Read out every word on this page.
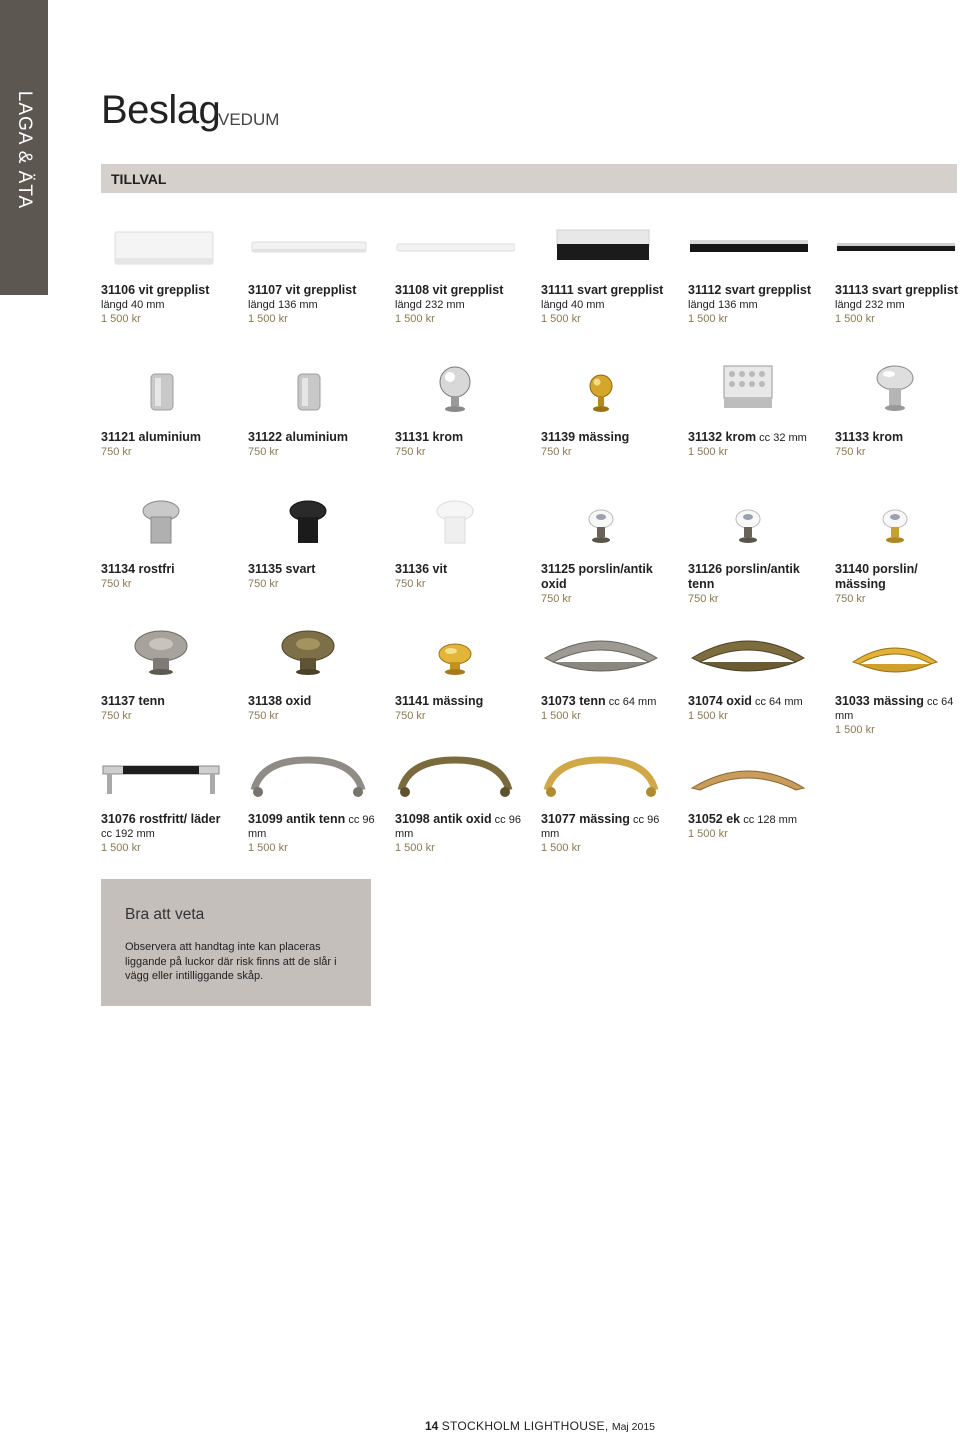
LAGA & ÄTA Beslag
VEDUM
TILLVAL
31106 vit grepplist längd 40 mm
1 500 kr
31107 vit grepplist längd 136 mm
1 500 kr
31108 vit grepplist längd 232 mm
1 500 kr
31111 svart grepplist längd 40 mm
1 500 kr
31112 svart grepplist längd 136 mm
1 500 kr
31113 svart grepplist längd 232 mm
1 500 kr
31121 aluminium
750 kr
31122 aluminium
750 kr
31131 krom
750 kr
31139 mässing
750 kr
31132 krom cc 32 mm
1 500 kr
31133 krom
750 kr
31134 rostfri
750 kr
31135 svart
750 kr
31136 vit
750 kr
31125 porslin/antik oxid
750 kr
31126 porslin/antik tenn
750 kr
31140 porslin/ mässing
750 kr
31137 tenn
750 kr
31138 oxid
750 kr
31141 mässing
750 kr
31073 tenn cc 64 mm
1 500 kr
31074 oxid cc 64 mm
1 500 kr
31033 mässing cc 64 mm
1 500 kr
31076 rostfritt/ läder cc 192 mm
1 500 kr
31099 antik tenn cc 96 mm
1 500 kr
31098 antik oxid cc 96 mm
1 500 kr
31077 mässing cc 96 mm
1 500 kr
31052 ek cc 128 mm
1 500 kr
Bra att veta
Observera att handtag inte kan placeras liggande på luckor där risk finns att de slår i vägg eller intilliggande skåp.
14 STOCKHOLM LIGHTHOUSE, Maj 2015
